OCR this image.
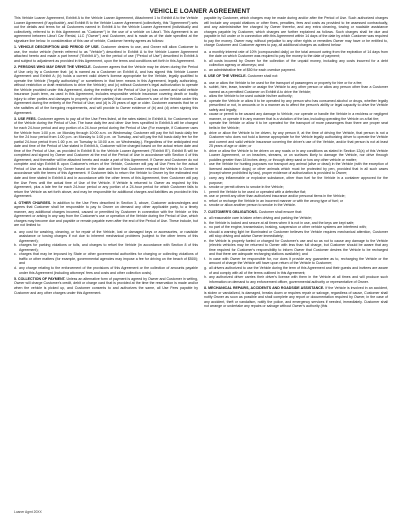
VEHICLE LOANER AGREEMENT

This Vehicle Loaner Agreement, Exhibit A to the Vehicle Loaner Agreement, Attachment 1 to Exhibit A to the Vehicle Loaner Agreement (if applicable), and Exhibit B to the Vehicle Loaner Agreement (collectively, this "Agreement") sets out the details and terms for all Customers named in Exhibit A to the Vehicle Loaner Agreement (individually and collectively, referred to in this Agreement as "Customer") in the use of a vehicle on Lâna'i. This Agreement is an agreement between Lāna'i Car Rental, LLC ("Owner") and Customer, and is made as of the date specified at the signature line below. In consideration of this use of vehicle, Customer hereby agrees as follows:

1. VEHICLE DESCRIPTION AND PERIOD OF USE. Customer desires to use, and Owner will allow Customer to use, the motor vehicle (herein referred to as "Vehicle") described in Exhibit A to the Vehicle Loaner Agreement attached hereto and made a part hereof ("Exhibit A"), for the period of use ("Period of Use") described in Exhibit A and subject to adjustment as provided in this Agreement, upon the terms and conditions set forth in this Agreement.

2. PERSONS WHO MAY DRIVE THE VEHICLE. Customer agrees that the Vehicle may be driven during the Period of Use only by a Customer that: (a) is named as a Customer on Exhibit A, and has signed this Vehicle Loaner Agreement and Exhibit A; (b) holds a current valid driver's license appropriate for the Vehicle, legally qualified to operate the Vehicle ("legally authorizing" or sometimes in that term means in this Agreement, legally authorizing, without restriction or draft restrictions to drive the Vehicle); and (c) without Customer's legal authorization to operate the Vehicle provided under this Agreement, during the entirety of the Period of Use (c) has current and valid vehicle insurance (such term, as used in this Agreement, includes responsible vehicle insurance covering death or bodily injury to other parties and damages to property of other parties) that covers Customer's use of the Vehicle under this Agreement during the entirety of the Period of Use; and (d) is 25 years of age or older. Customer warrants that he or she satisfies all of the foregoing requirements, and will provide to Owner evidence of (b) and (d) when signing this Agreement.

3. USE FEES. Customer agrees to pay all of the Use Fees listed, at the rates stated, in Exhibit A, for Customer's use of the Vehicle during the Period of Use. The base daily fee and other Use fees specified in Exhibit A will be charged for each 24-hour period and any portion of a 24-hour period during the Period of Use (For example, if Customer uses the Vehicle from 1:00 p.m. on Monday through 10:00 a.m. on Wednesday, Customer will pay the full basic daily fee for the 24 hour period from 1:00 p.m. on Monday to 1:00 p.m. on Tuesday, and will pay the full basic daily fee for the partial 24-hour period from 1:00 p.m. on Tuesday to 10:00 a.m. on Wednesday.). Regardless of the anticipated end date and time of the Period of Use stated in Exhibit A, Customer will be charged based on the actual return date and time of the Period of Use, as provided in Exhibit B to the Vehicle Loaner Agreement ("Exhibit B"). Exhibit B will be completed and signed by Owner and Customer at the end of the Period of Use in accordance with Section 4 of this Agreement, and thereafter will be attached hereto and made a part of this Agreement. If Owner and Customer do not complete and sign Exhibit B upon Customer's return of the Vehicle, Customer will pay all Use Fees for the actual Period of Use as indicated by Owner based on the date and time that Customer returned the Vehicle to Owner in accordance with the terms of this Agreement. If Customer fails to return the Vehicle to Owner by the estimated end date and time stated in Exhibit A and in accordance with the other terms of this Agreement, then Customer will pay the Use Fees until the actual time of Use of the Vehicle. If Vehicle is returned to Owner as required by this Agreement, plus a late fee for each 24-hour period or any portion of a 24-hour period for which Customer fails to return the Vehicle as set forth above, and may be responsible for additional charges and liabilities as provided in this Agreement.

4. OTHER CHARGES. In addition to the Use Fees described in Section 3, above, Customer acknowledges and agrees that Customer shall be responsible to pay to Owner on demand any other applicable party, to a timely manner, any additional charges incurred, caused or permitted by Customer in connection with the Vehicle or this Agreement or arising in any way from the Customer's use or operation of the Vehicle during the Period of Use, which charges may become due and payable or remain payable even after the end of the Period of Use. These include, but are not limited to:

a. any cost for washing, cleaning, or for repair of the Vehicle, lost or damaged keys or accessories, or roadside assistance or towing charges if not due to inherent mechanical problems (subject to the other terms of this Agreement);
b. charges for parking violations or tolls, and charges to refuel the Vehicle (in accordance with Section 8 of this Agreement);
c. charges that may be imposed by State or other governmental authorities for charging or collecting violations of traffic or other matters (for example, governmental agencies may impose a fee for driving on the beach of $500); and
d. any charge relating to the enforcement of the provisions of this Agreement or the collection of amounts payable under this Agreement (including attorneys' fees and costs and other collection costs).

5. COLLECTION OF PAYMENT. Unless an alternative form of payment is agreed by Owner and Customer in writing, Owner will charge Customer's credit, debit or charge card that is provided at the time the reservation is made and/or when the vehicle is picked up, and Customer consents to and authorizes the same, all Use Fees payable by Customer and any other charges under this Agreement.

payable by Customer, which charges may be made during and/or after the Period of Use. Such authorized charges will include any unpaid citations or other fines, penalties, fees and costs as provided to be assessed contractually, and any administrative fee charged by Owner therefor, and any extra cleaning, towing or roadside assistance charges payable by Customer, which charges are further explained as follows. Such charges shall be due and payable in full under or in connection with this Agreement within 14 days of the date by which Customer was required to pay the money. Owner may, without prejudice to any other rights or remedies Owner may have or be entitled to, charge Customer and Customer agrees to pay, all additional charges as outlined below:

a. a monthly interest rate of 10% (compounded daily) on the total amount owing from the expiration of 14 days from the date on which Customer was required to pay the money to the date of payment;
b. all costs incurred by Owner for the collection of the unpaid money, including any costs incurred for a debt collection agency or attorneys; and
c. an administrative fee of $50 for each overdue payment.

6. USE OF THE VEHICLE. Customer shall not:

a. use or allow the Vehicle to be used for the transport of passengers or property for hire or for a fee;
b. sublet, hire, lease, transfer or assign the Vehicle to any other person or allow any person other than a Customer named as a permitted Customer on Exhibit A to drive the Vehicle;
c. allow the Vehicle to be used outside his/her authority;
d. operate the Vehicle or allow it to be operated by any person who has consumed alcohol or drugs, whether legally prescribed or not, in amounts or in a manner as to affect the person's ability or legal capacity to drive the Vehicle safely and legally;
e. cause or permit to be caused any damage to Vehicle, nor operate or handle the Vehicle in a reckless or negligent manner, or operate it in any manner that is a violation of the law, including operating the Vehicle on a flat tire;
f. operate the Vehicle or allow it to be operated for the transport of more passengers than there are proper seat belts in the Vehicle;
g. drive or allow the Vehicle to be driven, by any person if, at the time of driving the Vehicle, that person is not a Customer who does not hold a license appropriate for the Vehicle legally authorizing driver to operate the Vehicle and current and valid vehicle insurance covering the driver's use of the Vehicle, and/or that person is not at least 25 years of age or older; or
h. drive or allow the Vehicle to be driven on any roads or in any conditions as stated in Section 12(a) of this Vehicle Loaner Agreement, or on beaches, streams, or on surfaces likely to damage the Vehicle, nor drive through puddles greater than 18 inches deep, or through deep sand or tow any other vehicle or matter;
i. use the Vehicle for hunting purposes nor transport any animal (alive or dead) in the Vehicle (with the exception of licensed assistance dogs) or other animals which must be protected by pen, provided that in all such cases (except where prohibited by law), proper evidence of authorization is provided to Owner;
j. carry any inflammable or explosive substance, other than fuel for the Vehicle in a container approved for the purpose;
k. smoke or permit others to smoke in the Vehicle;
l. permit the Vehicle to be used or operated with a defective flat;
m. use or permit any other than authorized insurance and/or personal items in the Vehicle;
n. refuel or recharge the Vehicle in an incorrect manner or with the wrong type of fuel; or
o. smoke or allow another person to smoke in the Vehicle.

7. CUSTOMER'S OBLIGATIONS. Customer shall ensure that:

a. all reasonable care is taken when driving and parking the Vehicle;
b. the Vehicle is locked and secure at all times when it is not in use, and the keys are kept safe;
c. no part of the engine, transmission, braking, suspension or other vehicle systems are interfered with;
d. should a warning light be illuminated or Customer believes the Vehicle requires mechanical attention, Customer will stop driving and advise Owner immediately;
e. the Vehicle is properly fueled or charged for Customer's use and so as not to cause any damage to the Vehicle (electric vehicles may be returned to Owner with less than full charge, but Customer should be aware that any time required for Customer's responsibility to inform Owner that Customer desires the Vehicle to be recharged and that there are adequate recharging stations available); and
f. in case with Owner be responsible for, nor does it provide any guarantee as to, recharging the Vehicle or the amount of charge the Vehicle will have upon return of the Vehicle to Customer;
g. all drivers authorized to use the Vehicle during the term of this Agreement and their guests and invitees are aware of and comply with all of the terms outlined in this Agreement;
h. any authorized driver carries their driver's license with them in the Vehicle at all times and will produce such information on demand to any enforcement officer, governmental authority or representative of Owner.

8. MECHANICAL REPAIRS, ACCIDENTS AND ROADSIDE ASSISTANCE. If the Vehicle is involved in an accident, is stolen or vandalized, is damaged, breaks down or requires repair or salvage, regardless of cause, Customer shall notify Owner as soon as possible and shall complete any report or documentation required by Owner, in the case of any accident, theft or vandalism, notify the police, and emergency services if needed, immediately. Customer shall not arrange or undertake any repairs or salvage without Owner's authority (this

Loaner Agmt 20XX
